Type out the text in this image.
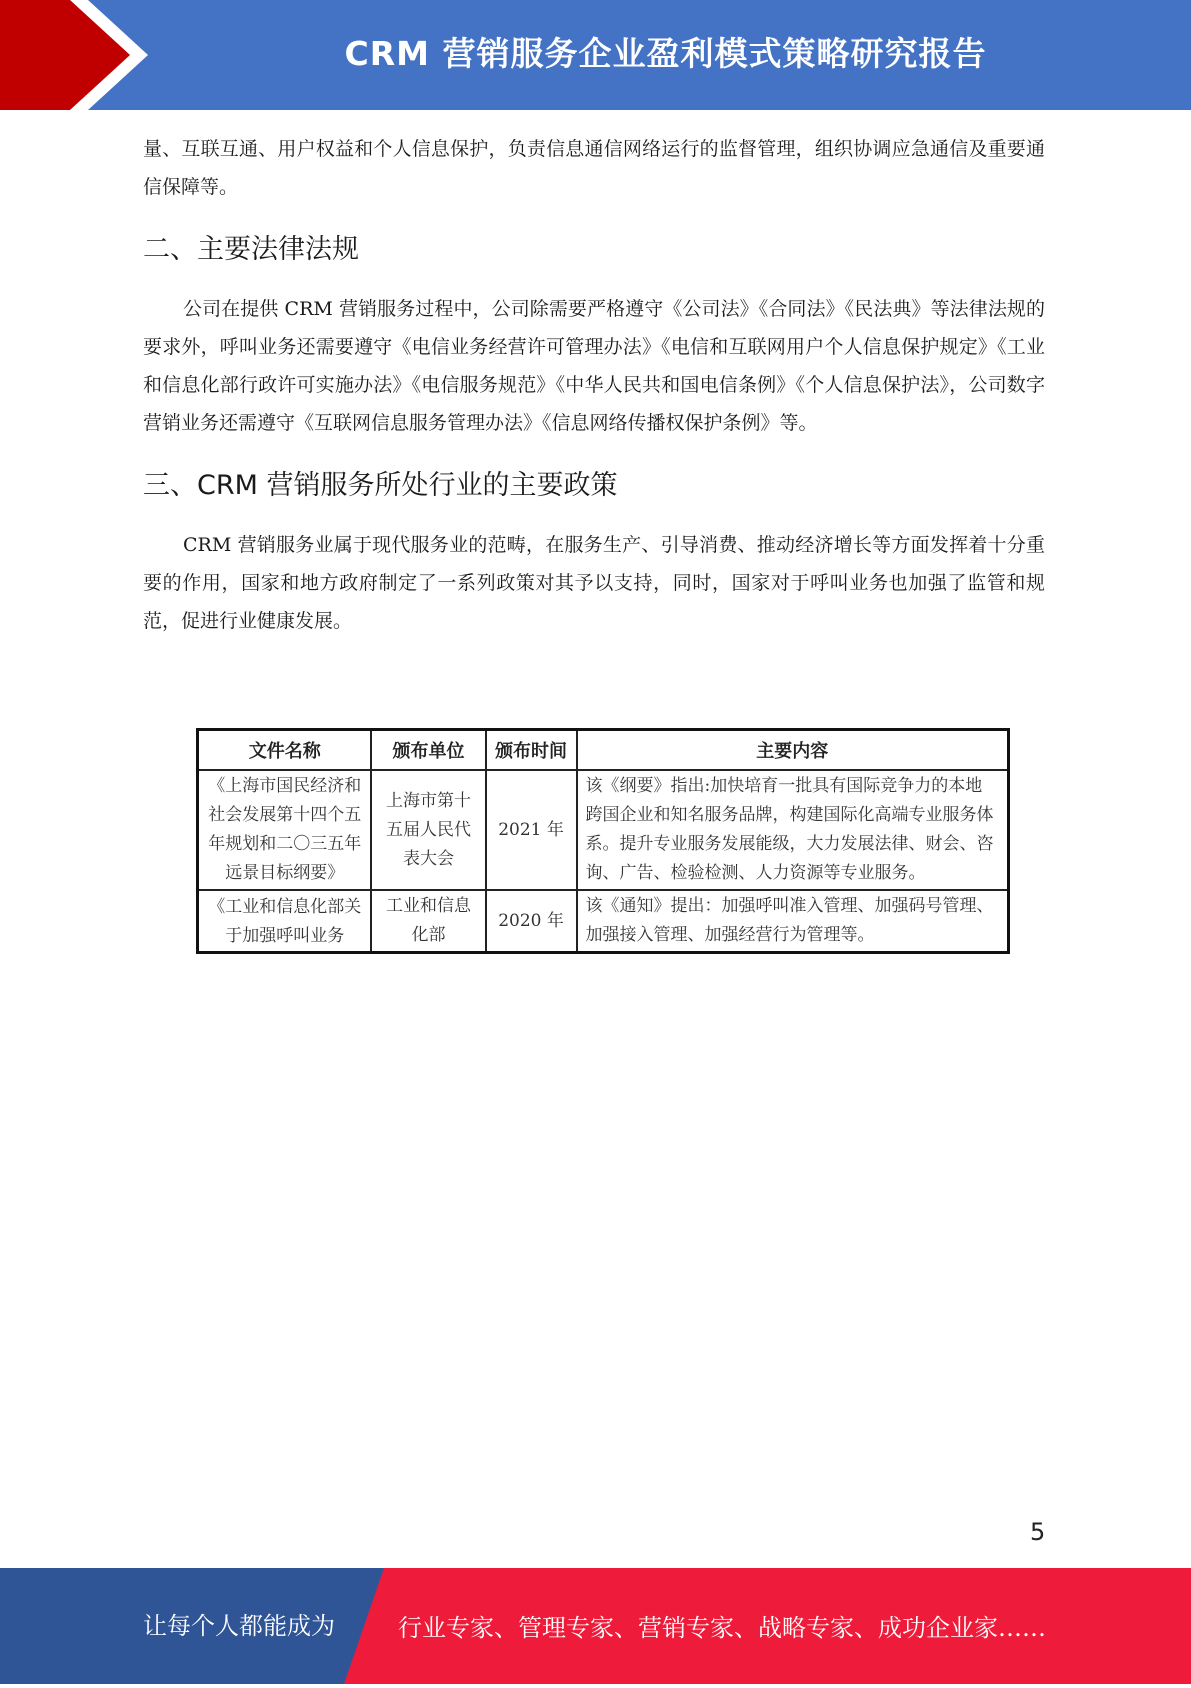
CRM 营销服务企业盈利模式策略研究报告

量、互联互通、用户权益和个人信息保护，负责信息通信网络运行的监督管理，组织协调应急通信及重要通信保障等。

二、主要法律法规

公司在提供 CRM 营销服务过程中，公司除需要严格遵守《公司法》《合同法》《民法典》等法律法规的要求外，呼叫业务还需要遵守《电信业务经营许可管理办法》《电信和互联网用户个人信息保护规定》《工业和信息化部行政许可实施办法》《电信服务规范》《中华人民共和国电信条例》《个人信息保护法》，公司数字营销业务还需遵守《互联网信息服务管理办法》《信息网络传播权保护条例》等。

三、CRM 营销服务所处行业的主要政策

CRM 营销服务业属于现代服务业的范畴，在服务生产、引导消费、推动经济增长等方面发挥着十分重要的作用，国家和地方政府制定了一系列政策对其予以支持，同时，国家对于呼叫业务也加强了监管和规范，促进行业健康发展。

文件名称	颁布单位	颁布时间	主要内容
《上海市国民经济和社会发展第十四个五年规划和二〇三五年远景目标纲要》	上海市第十五届人民代表大会	2021 年	该《纲要》指出:加快培育一批具有国际竞争力的本地跨国企业和知名服务品牌，构建国际化高端专业服务体系。提升专业服务发展能级，大力发展法律、财会、咨询、广告、检验检测、人力资源等专业服务。

《工业和信息化部关于加强呼叫业务	工业和信息化部	2020 年	该《通知》提出：加强呼叫准入管理、加强码号管理、加强接入管理、加强经营行为管理等。
5
让每个人都能成为	行业专家、管理专家、营销专家、战略专家、成功企业家……
